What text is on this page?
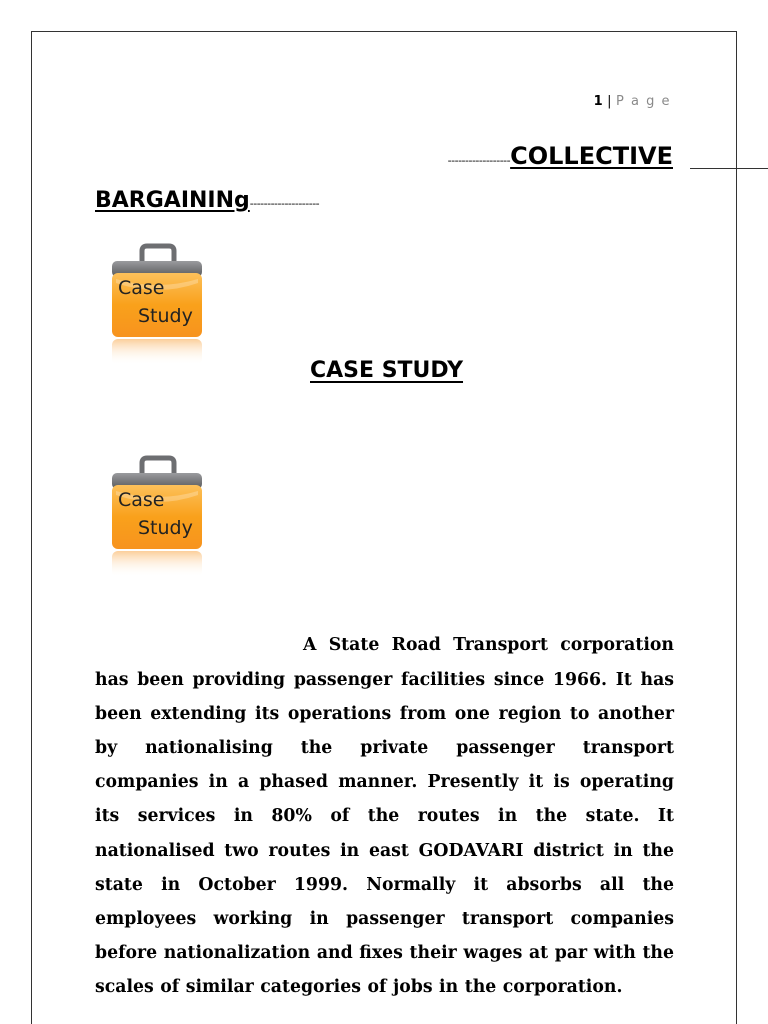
1 | P a g e
------------------COLLECTIVE
BARGAININg--------------------
Case
Study
CASE STUDY
Case
Study

A State Road Transport corporation has been providing passenger facilities since 1966. It has been extending its operations from one region to another by nationalising the private passenger transport companies in a phased manner. Presently it is operating its services in 80% of the routes in the state. It nationalised two routes in east GODAVARI district in the state in October 1999. Normally it absorbs all the employees working in passenger transport companies before nationalization and fixes their wages at par with the scales of similar categories of jobs in the corporation.
